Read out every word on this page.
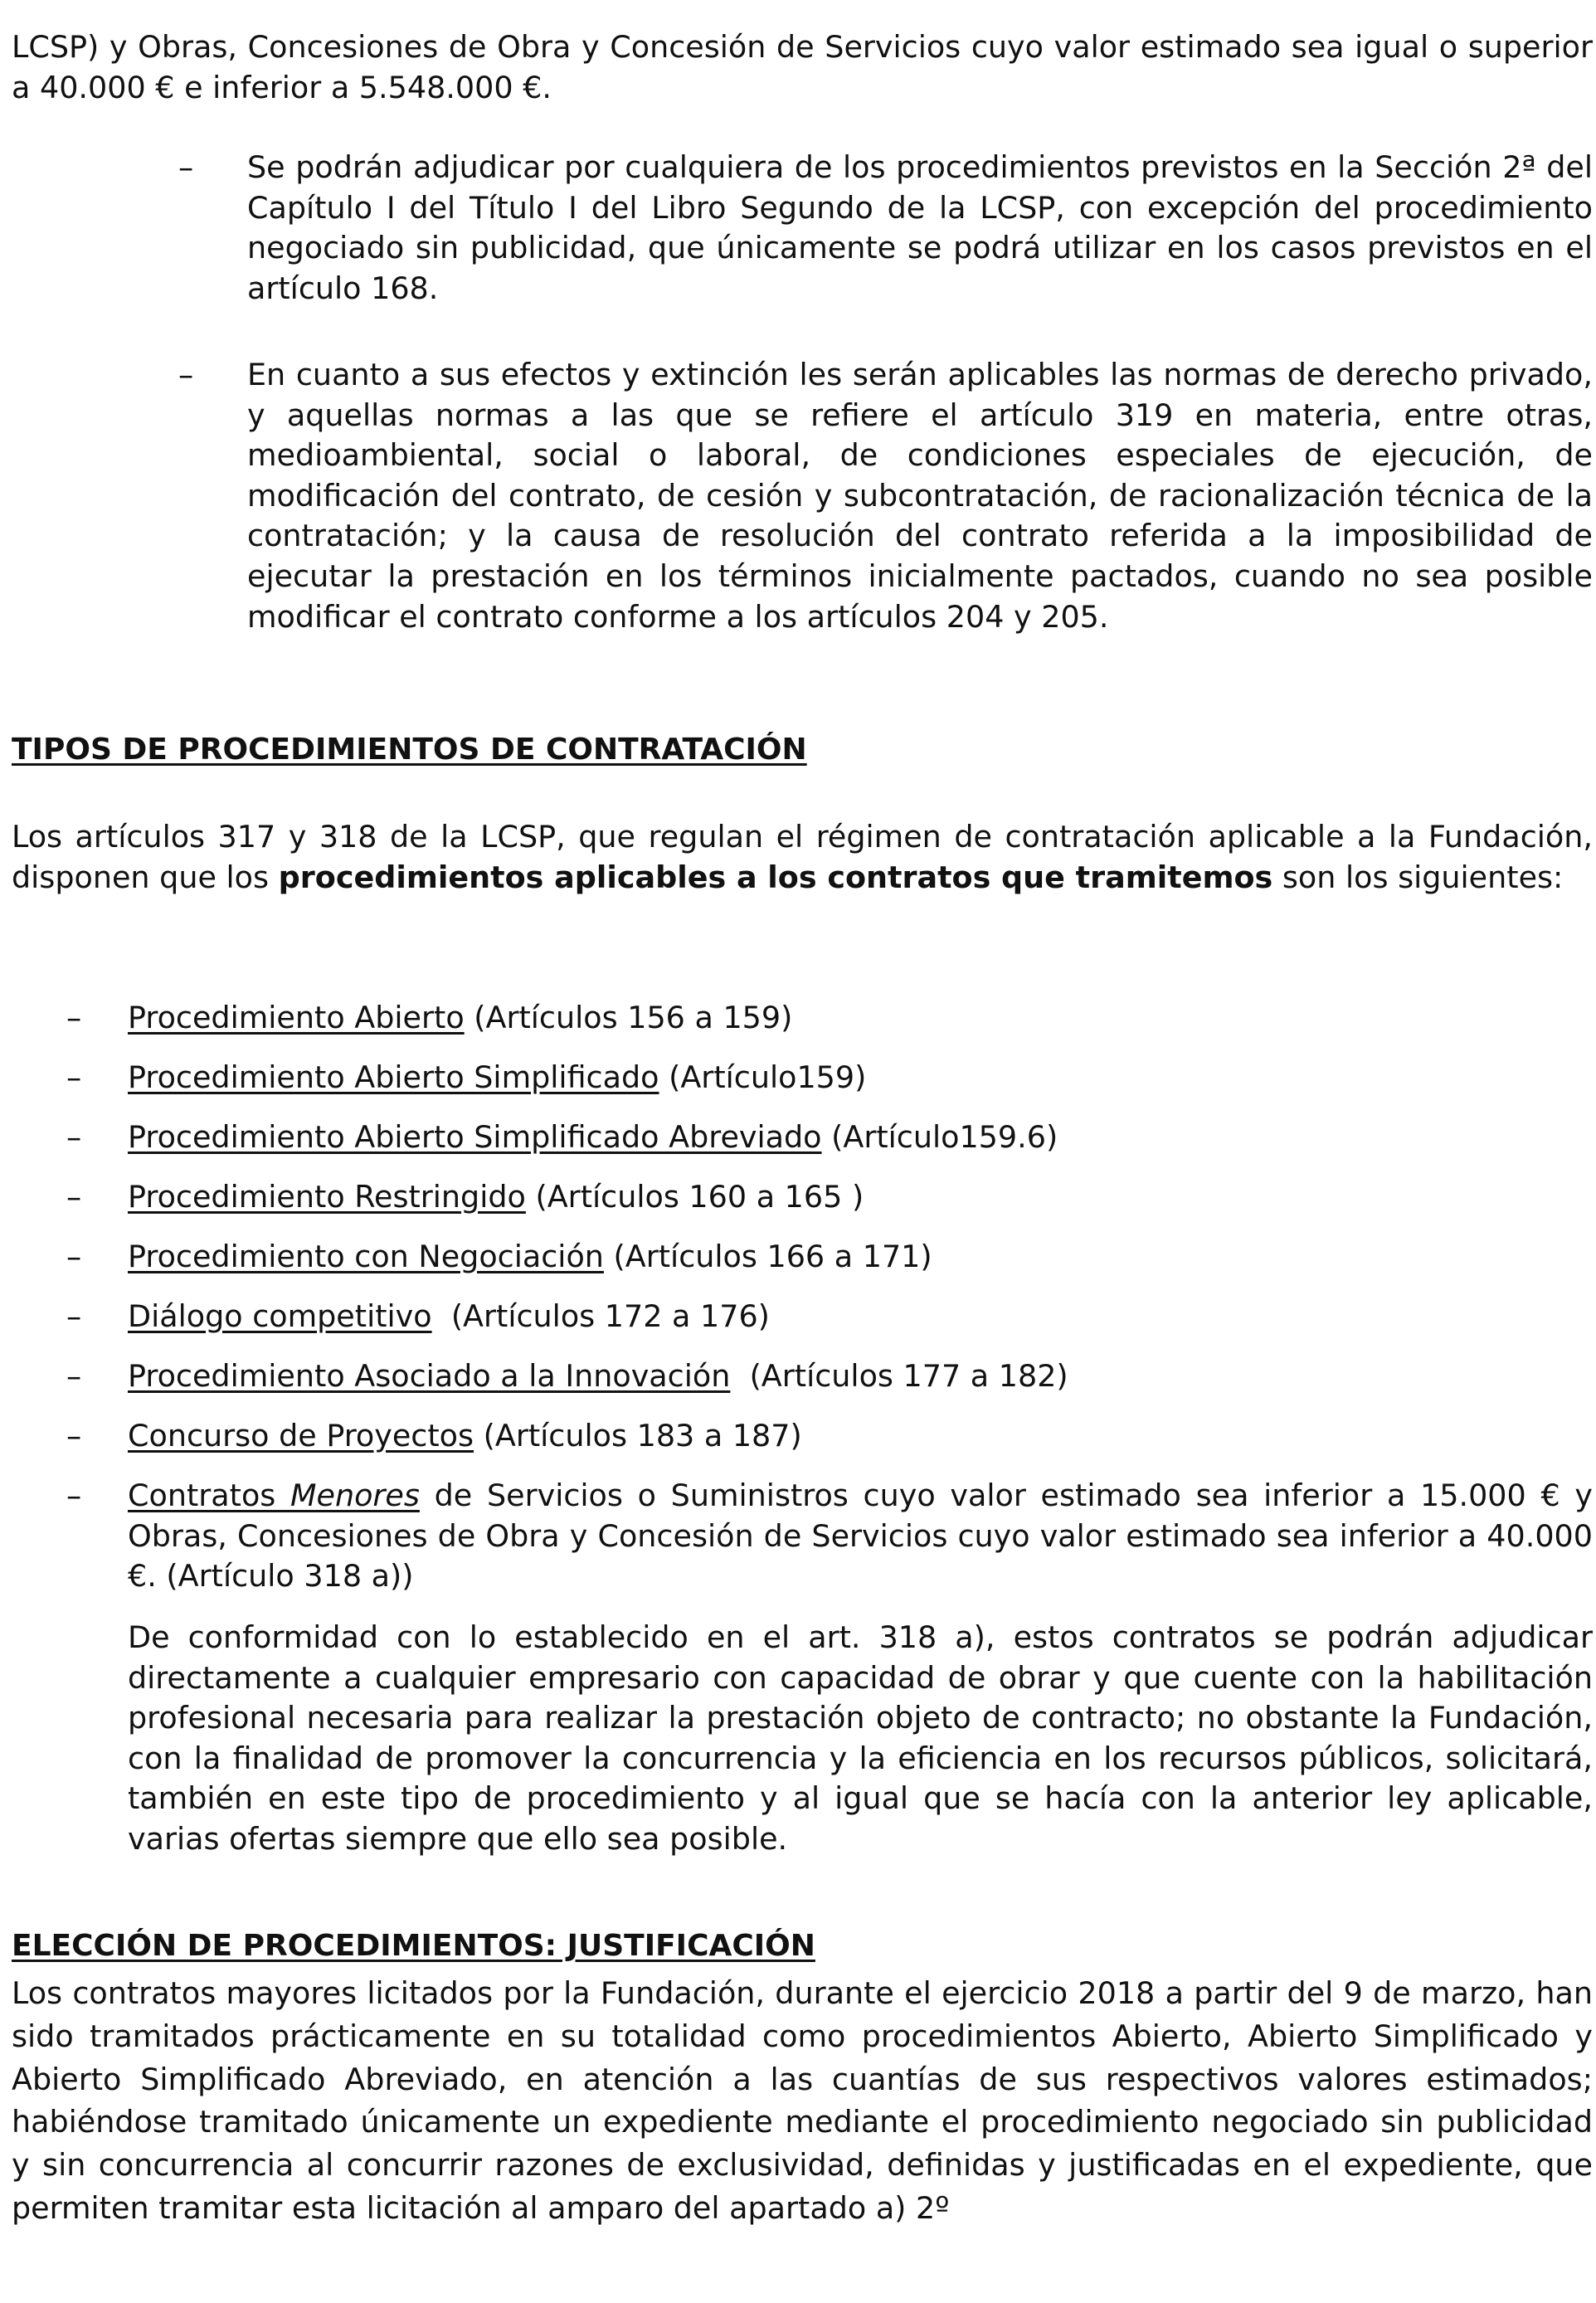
LCSP) y Obras, Concesiones de Obra y Concesión de Servicios cuyo valor estimado sea igual o superior a 40.000 € e inferior a 5.548.000 €.
– Se podrán adjudicar por cualquiera de los procedimientos previstos en la Sección 2ª del Capítulo I del Título I del Libro Segundo de la LCSP, con excepción del procedimiento negociado sin publicidad, que únicamente se podrá utilizar en los casos previstos en el artículo 168.
– En cuanto a sus efectos y extinción les serán aplicables las normas de derecho privado, y aquellas normas a las que se refiere el artículo 319 en materia, entre otras, medioambiental, social o laboral, de condiciones especiales de ejecución, de modificación del contrato, de cesión y subcontratación, de racionalización técnica de la contratación; y la causa de resolución del contrato referida a la imposibilidad de ejecutar la prestación en los términos inicialmente pactados, cuando no sea posible modificar el contrato conforme a los artículos 204 y 205.
TIPOS DE PROCEDIMIENTOS DE CONTRATACIÓN
Los artículos 317 y 318 de la LCSP, que regulan el régimen de contratación aplicable a la Fundación, disponen que los procedimientos aplicables a los contratos que tramitemos son los siguientes:
–	Procedimiento Abierto (Artículos 156 a 159)
–	Procedimiento Abierto Simplificado (Artículo159)
–	Procedimiento Abierto Simplificado Abreviado (Artículo159.6)
–	Procedimiento Restringido (Artículos 160 a 165 )
–	Procedimiento con Negociación (Artículos 166 a 171)
–	Diálogo competitivo  (Artículos 172 a 176)
–	Procedimiento Asociado a la Innovación  (Artículos 177 a 182)
–	Concurso de Proyectos (Artículos 183 a 187)
–	Contratos Menores de Servicios o Suministros cuyo valor estimado sea inferior a 15.000 € y Obras, Concesiones de Obra y Concesión de Servicios cuyo valor estimado sea inferior a 40.000 €. (Artículo 318 a))
De conformidad con lo establecido en el art. 318 a), estos contratos se podrán adjudicar directamente a cualquier empresario con capacidad de obrar y que cuente con la habilitación profesional necesaria para realizar la prestación objeto de contracto; no obstante la Fundación, con la finalidad de promover la concurrencia y la eficiencia en los recursos públicos, solicitará, también en este tipo de procedimiento y al igual que se hacía con la anterior ley aplicable, varias ofertas siempre que ello sea posible.
ELECCIÓN DE PROCEDIMIENTOS: JUSTIFICACIÓN
Los contratos mayores licitados por la Fundación, durante el ejercicio 2018 a partir del 9 de marzo, han sido tramitados prácticamente en su totalidad como procedimientos Abierto, Abierto Simplificado y Abierto Simplificado Abreviado, en atención a las cuantías de sus respectivos valores estimados; habiéndose tramitado únicamente un expediente mediante el procedimiento negociado sin publicidad y sin concurrencia al concurrir razones de exclusividad, definidas y justificadas en el expediente, que permiten tramitar esta licitación al amparo del apartado a) 2º
